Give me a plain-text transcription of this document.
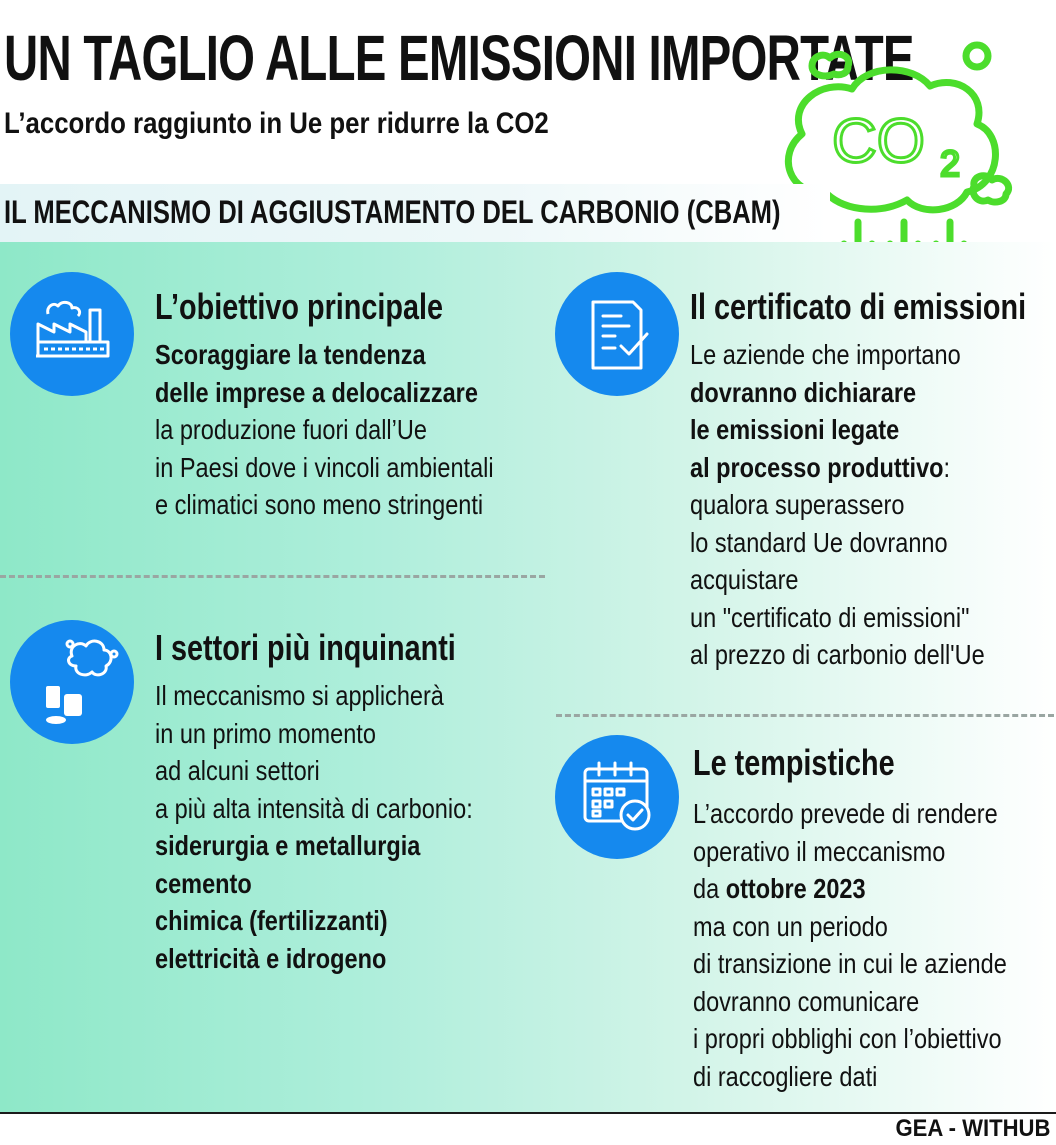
UN TAGLIO ALLE EMISSIONI IMPORTATE
L’accordo raggiunto in Ue per ridurre la CO2	CO 2
IL MECCANISMO DI AGGIUSTAMENTO DEL CARBONIO (CBAM)
L’obiettivo principale
Scoraggiare la tendenza
delle imprese a delocalizzare
la produzione fuori dall’Ue
in Paesi dove i vincoli ambientali
e climatici sono meno stringenti
I settori più inquinanti
Il meccanismo si applicherà
in un primo momento
ad alcuni settori
a più alta intensità di carbonio:
siderurgia e metallurgia
cemento
chimica (fertilizzanti)
elettricità e idrogeno
Il certificato di emissioni
Le aziende che importano
dovranno dichiarare
le emissioni legate
al processo produttivo:
qualora superassero
lo standard Ue dovranno
acquistare
un "certificato di emissioni"
al prezzo di carbonio dell'Ue
Le tempistiche
L’accordo prevede di rendere
operativo il meccanismo
da ottobre 2023
ma con un periodo
di transizione in cui le aziende
dovranno comunicare
i propri obblighi con l’obiettivo
di raccogliere dati
GEA - WITHUB
